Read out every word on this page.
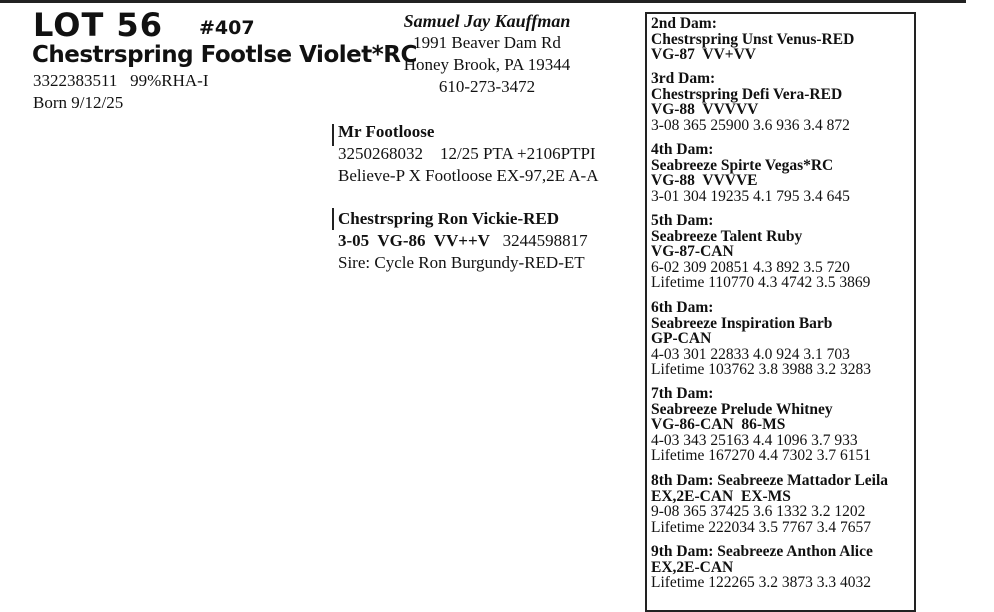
LOT 56 #407
Chestrspring Footlse Violet*RC
3322383511 99%RHA-I
Born 9/12/25
Samuel Jay Kauffman
1991 Beaver Dam Rd
Honey Brook, PA 19344
610-273-3472
Mr Footloose
3250268032 12/25 PTA +2106PTPI
Believe-P X Footloose EX-97,2E A-A
Chestrspring Ron Vickie-RED
3-05  VG-86  VV++V 3244598817
Sire: Cycle Ron Burgundy-RED-ET
2nd Dam:
Chestrspring Unst Venus-RED
VG-87  VV+VV
3rd Dam:
Chestrspring Defi Vera-RED
VG-88  VVVVV
3-08 365 25900 3.6 936 3.4 872
4th Dam:
Seabreeze Spirte Vegas*RC
VG-88  VVVVE
3-01 304 19235 4.1 795 3.4 645
5th Dam:
Seabreeze Talent Ruby
VG-87-CAN
6-02 309 20851 4.3 892 3.5 720
Lifetime 110770 4.3 4742 3.5 3869
6th Dam:
Seabreeze Inspiration Barb
GP-CAN
4-03 301 22833 4.0 924 3.1 703
Lifetime 103762 3.8 3988 3.2 3283
7th Dam:
Seabreeze Prelude Whitney
VG-86-CAN  86-MS
4-03 343 25163 4.4 1096 3.7 933
Lifetime 167270 4.4 7302 3.7 6151
8th Dam: Seabreeze Mattador Leila
EX,2E-CAN  EX-MS
9-08 365 37425 3.6 1332 3.2 1202
Lifetime 222034 3.5 7767 3.4 7657
9th Dam: Seabreeze Anthon Alice
EX,2E-CAN
Lifetime 122265 3.2 3873 3.3 4032
